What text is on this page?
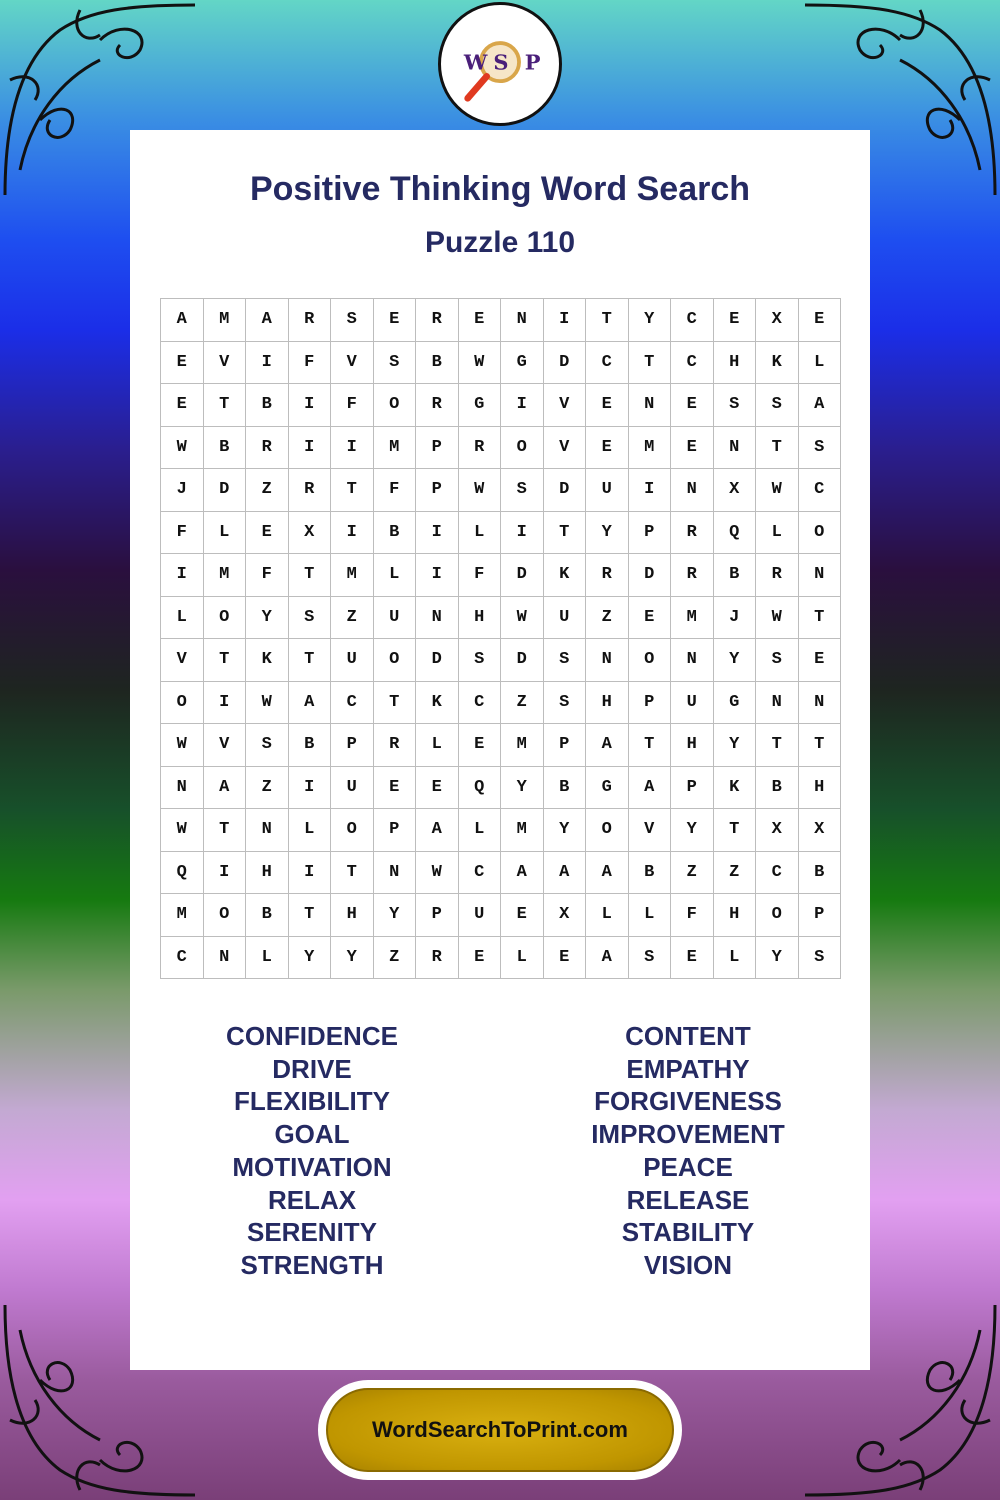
W S P
Positive Thinking Word Search
Puzzle 110
A	M	A	R	S	E	R	E	N	I	T	Y	C	E	X	E
E	V	I	F	V	S	B	W	G	D	C	T	C	H	K	L
E	T	B	I	F	O	R	G	I	V	E	N	E	S	S	A
W	B	R	I	I	M	P	R	O	V	E	M	E	N	T	S
J	D	Z	R	T	F	P	W	S	D	U	I	N	X	W	C
F	L	E	X	I	B	I	L	I	T	Y	P	R	Q	L	O
I	M	F	T	M	L	I	F	D	K	R	D	R	B	R	N
L	O	Y	S	Z	U	N	H	W	U	Z	E	M	J	W	T
V	T	K	T	U	O	D	S	D	S	N	O	N	Y	S	E
O	I	W	A	C	T	K	C	Z	S	H	P	U	G	N	N
W	V	S	B	P	R	L	E	M	P	A	T	H	Y	T	T
N	A	Z	I	U	E	E	Q	Y	B	G	A	P	K	B	H
W	T	N	L	O	P	A	L	M	Y	O	V	Y	T	X	X
Q	I	H	I	T	N	W	C	A	A	A	B	Z	Z	C	B
M	O	B	T	H	Y	P	U	E	X	L	L	F	H	O	P
C	N	L	Y	Y	Z	R	E	L	E	A	S	E	L	Y	S
CONFIDENCE
DRIVE
FLEXIBILITY
GOAL
MOTIVATION
RELAX
SERENITY
STRENGTH
CONTENT
EMPATHY
FORGIVENESS
IMPROVEMENT
PEACE
RELEASE
STABILITY
VISION
WordSearchToPrint.com
